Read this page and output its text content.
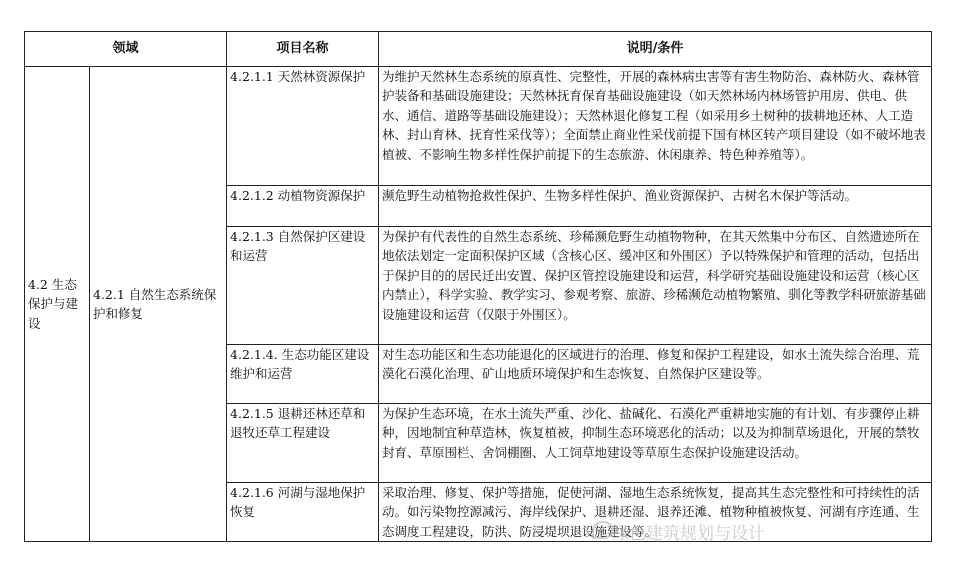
领域		项目名称	说明/条件
4.2 生态保护与建设	4.2.1 自然生态系统保护和修复	4.2.1.1 天然林资源保护	为维护天然林生态系统的原真性、完整性，开展的森林病虫害等有害生物防治、森林防火、森林管护装备和基础设施建设；天然林抚育保育基础设施建设（如天然林场内林场管护用房、供电、供水、通信、道路等基础设施建设）；天然林退化修复工程（如采用乡土树种的拔耕地还林、人工造林、封山育林、抚育性采伐等）；全面禁止商业性采伐前提下国有林区转产项目建设（如不破坏地表植被、不影响生物多样性保护前提下的生态旅游、休闲康养、特色种养殖等）。
		4.2.1.2 动植物资源保护	濒危野生动植物抢救性保护、生物多样性保护、渔业资源保护、古树名木保护等活动。
		4.2.1.3 自然保护区建设和运营	为保护有代表性的自然生态系统、珍稀濒危野生动植物物种，在其天然集中分布区、自然遗迹所在地依法划定一定面积保护区域（含核心区、缓冲区和外围区）予以特殊保护和管理的活动，包括出于保护目的的居民迁出安置、保护区管控设施建设和运营，科学研究基础设施建设和运营（核心区内禁止），科学实验、教学实习、参观考察、旅游、珍稀濒危动植物繁殖、驯化等教学科研旅游基础设施建设和运营（仅限于外围区）。
		4.2.1.4. 生态功能区建设维护和运营	对生态功能区和生态功能退化的区域进行的治理、修复和保护工程建设，如水土流失综合治理、荒漠化石漠化治理、矿山地质环境保护和生态恢复、自然保护区建设等。
		4.2.1.5 退耕还林还草和退牧还草工程建设	为保护生态环境，在水土流失严重、沙化、盐碱化、石漠化严重耕地实施的有计划、有步骤停止耕种，因地制宜种草造林，恢复植被，抑制生态环境恶化的活动；以及为抑制草场退化，开展的禁牧封育、草原围栏、舍饲棚圈、人工饲草地建设等草原生态保护设施建设活动。
		4.2.1.6 河湖与湿地保护恢复	采取治理、修复、保护等措施，促使河湖、湿地生态系统恢复，提高其生态完整性和可持续性的活动。如污染物控源减污、海岸线保护、退耕还湿、退养还滩、植物种植被恢复、河湖有序连通、生态调度工程建设，防洪、防浸堤坝退设施建设等。
绿色建筑规划与设计
